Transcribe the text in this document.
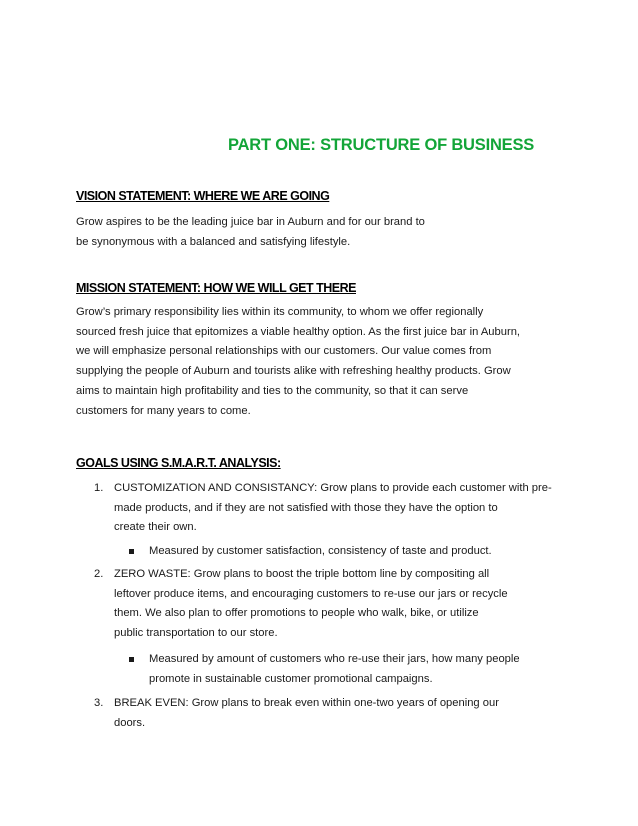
PART ONE: STRUCTURE OF BUSINESS
VISION STATEMENT: WHERE WE ARE GOING
Grow aspires to be the leading juice bar in Auburn and for our brand to
be synonymous with a balanced and satisfying lifestyle.
MISSION STATEMENT: HOW WE WILL GET THERE
Grow’s primary responsibility lies within its community, to whom we offer regionally
sourced fresh juice that epitomizes a viable healthy option. As the first juice bar in Auburn,
we will emphasize personal relationships with our customers. Our value comes from
supplying the people of Auburn and tourists alike with refreshing healthy products. Grow
aims to maintain high profitability and ties to the community, so that it can serve
customers for many years to come.
GOALS USING S.M.A.R.T. ANALYSIS:
1. CUSTOMIZATION AND CONSISTANCY: Grow plans to provide each customer with pre-
made products, and if they are not satisfied with those they have the option to
create their own.
Measured by customer satisfaction, consistency of taste and product.
2. ZERO WASTE: Grow plans to boost the triple bottom line by compositing all
leftover produce items, and encouraging customers to re-use our jars or recycle
them. We also plan to offer promotions to people who walk, bike, or utilize
public transportation to our store.
Measured by amount of customers who re-use their jars, how many people
promote in sustainable customer promotional campaigns.
3. BREAK EVEN: Grow plans to break even within one-two years of opening our
doors.
